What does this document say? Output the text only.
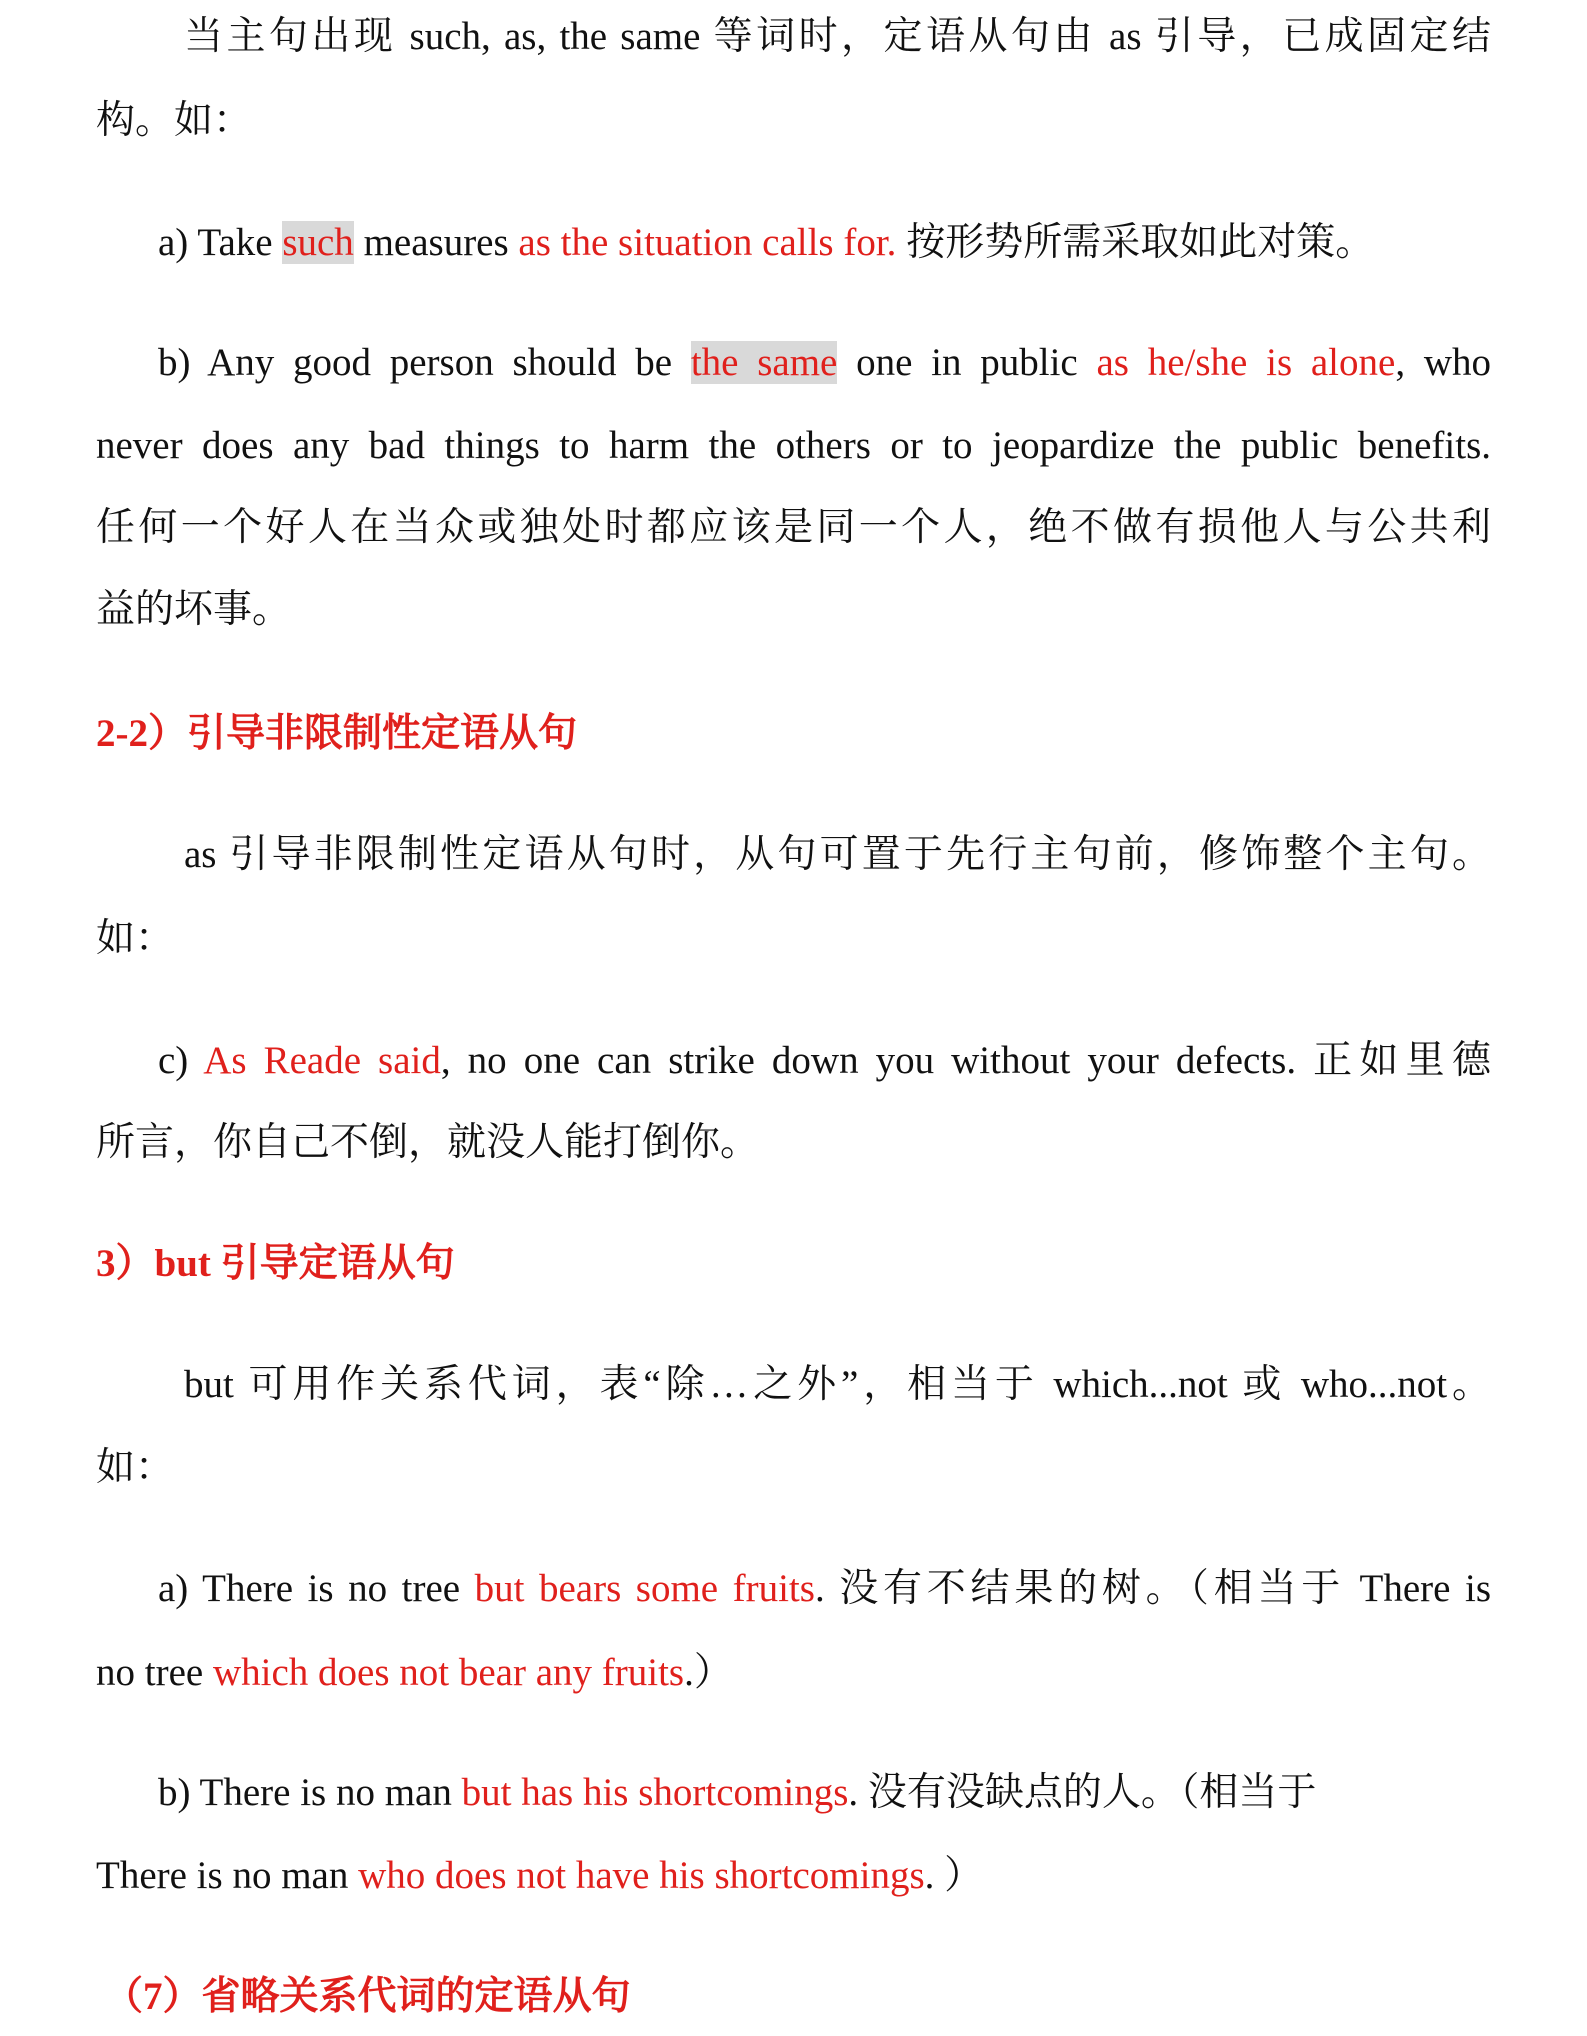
当主句出现 such, as, the same 等词时，定语从句由 as 引导，已成固定结
构。如：
a) Take such measures as the situation calls for. 按形势所需采取如此对策。
b) Any good person should be the same one in public as he/she is alone, who
never does any bad things to harm the others or to jeopardize the public benefits.
任何一个好人在当众或独处时都应该是同一个人，绝不做有损他人与公共利
益的坏事。
2-2）引导非限制性定语从句
as 引导非限制性定语从句时，从句可置于先行主句前，修饰整个主句。
如：
c) As Reade said, no one can strike down you without your defects. 正如里德
所言，你自己不倒，就没人能打倒你。
3）but 引导定语从句
but 可用作关系代词，表“除…之外”，相当于 which...not 或 who...not。
如：
a) There is no tree but bears some fruits. 没有不结果的树。（相当于 There is
no tree which does not bear any fruits.）
b) There is no man but has his shortcomings. 没有没缺点的人。（相当于
There is no man who does not have his shortcomings. ）
（7）省略关系代词的定语从句
